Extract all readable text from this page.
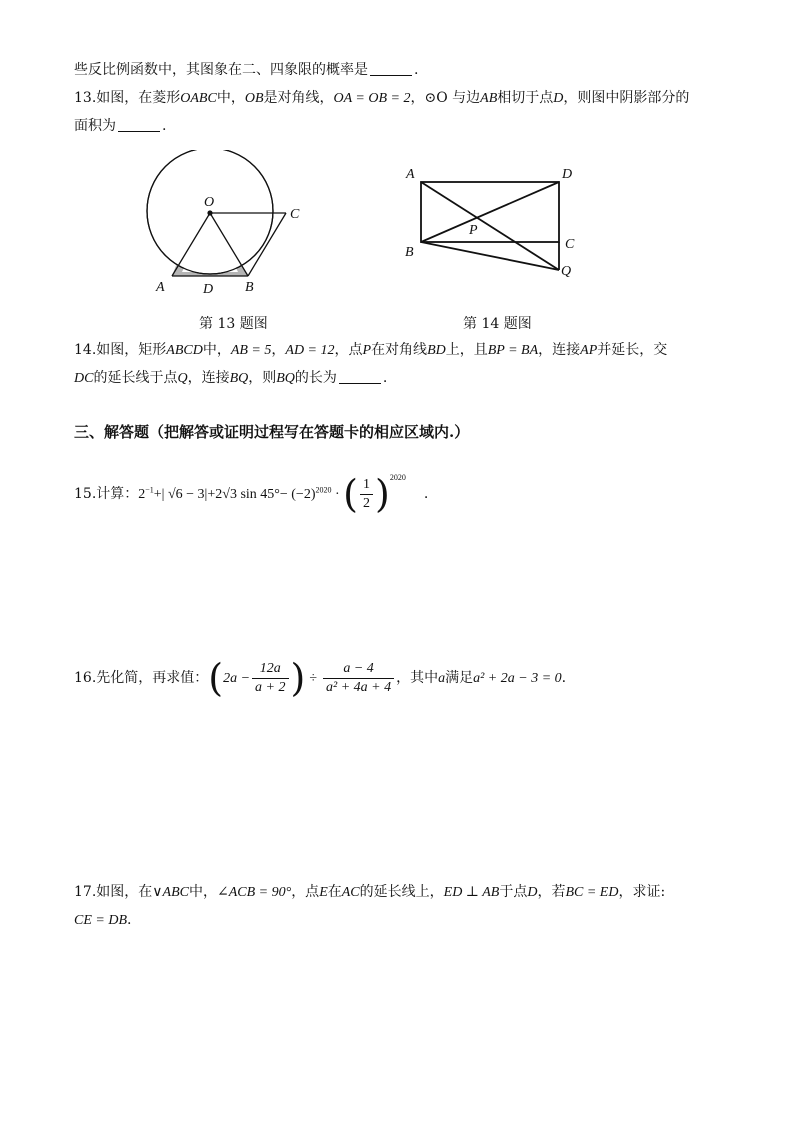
些反比例函数中，其图象在二、四象限的概率是	.
13.如图，在菱形OABC中，OB是对角线，OA = OB = 2，⊙O 与边AB相切于点D，则图中阴影部分的
面积为	.
O
A	D B
C
第 13 题图
A	D
P
B
C
Q
第 14 题图
14.如图，矩形ABCD中，AB = 5，AD = 12，点P在对角线BD上，且BP = BA，连接AP并延长，交
DC的延长线于点Q，连接BQ，则BQ的长为	.
三、解答题（把解答或证明过程写在答题卡的相应区域内.）
15.计算：$2^{-1}+|$ √6 − 3|+2√3 $\sin 45^\circ- (-2)^{2020}$ · ( $\frac{1}{2} )^{2020}$.
16.先化简，再求值：($2a - \frac{12a}{a + 2}$ ) ÷ $\frac{a - 4}{\text{a² + 4a + 4}}$ ，其中a满足a² + 2a − 3 = 0.
17.如图，在∨ABC中，∠ACB = 90°，点E在AC的延长线上，ED ⊥ AB于点D，若BC = ED，求证:
CE = DB.
